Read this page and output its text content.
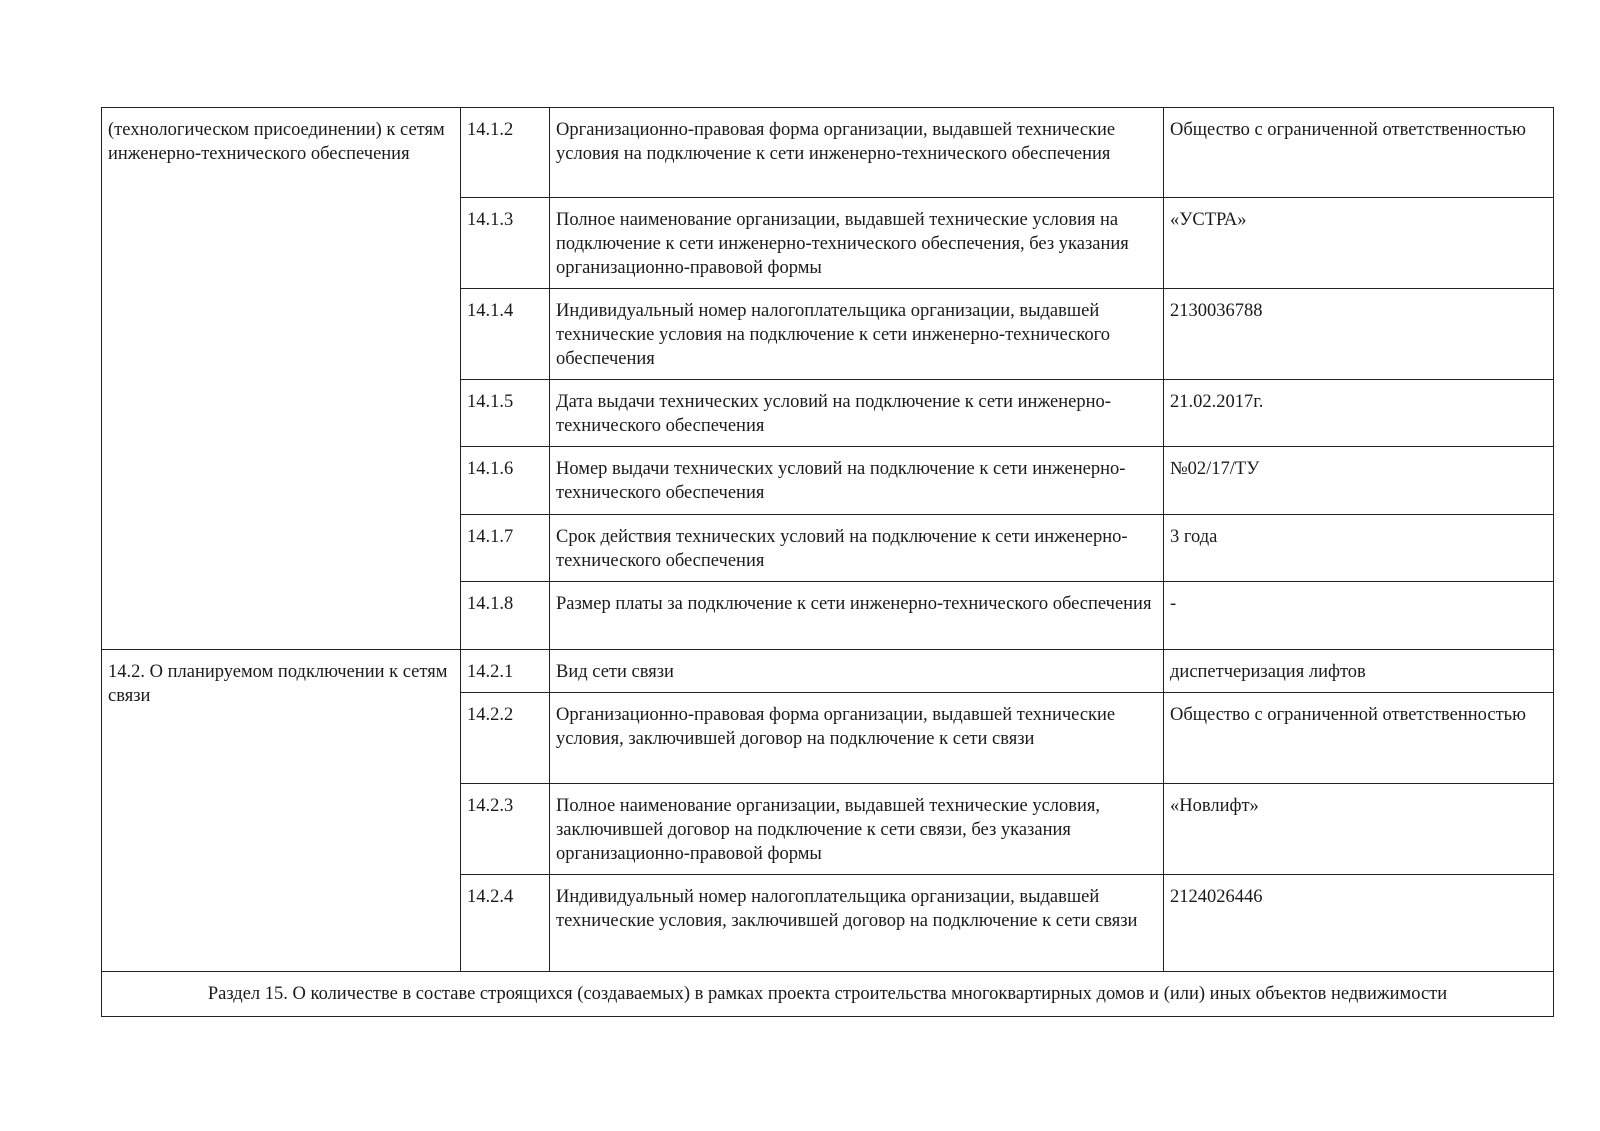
(технологическом присоединении) к сетям инженерно-технического обеспечения	14.1.2	Организационно-правовая форма организации, выдавшей технические условия на подключение к сети инженерно-технического обеспечения	Общество с ограниченной ответственностью
	14.1.3	Полное наименование организации, выдавшей технические условия на подключение к сети инженерно-технического обеспечения, без указания организационно-правовой формы	«УСТРА»
	14.1.4	Индивидуальный номер налогоплательщика организации, выдавшей технические условия на подключение к сети инженерно-технического обеспечения	2130036788
	14.1.5	Дата выдачи технических условий на подключение к сети инженерно-технического обеспечения	21.02.2017г.
	14.1.6	Номер выдачи технических условий на подключение к сети инженерно-технического обеспечения	№02/17/ТУ
	14.1.7	Срок действия технических условий на подключение к сети инженерно-технического обеспечения	3 года
	14.1.8	Размер платы за подключение к сети инженерно-технического обеспечения	-
14.2. О планируемом подключении к сетям связи	14.2.1	Вид сети связи	диспетчеризация лифтов
	14.2.2	Организационно-правовая форма организации, выдавшей технические условия, заключившей договор на подключение к сети связи	Общество с ограниченной ответственностью
	14.2.3	Полное наименование организации, выдавшей технические условия, заключившей договор на подключение к сети связи, без указания организационно-правовой формы	«Новлифт»
	14.2.4	Индивидуальный номер налогоплательщика организации, выдавшей технические условия, заключившей договор на подключение к сети связи	2124026446
Раздел 15. О количестве в составе строящихся (создаваемых) в рамках проекта строительства многоквартирных домов и (или) иных объектов недвижимости			
